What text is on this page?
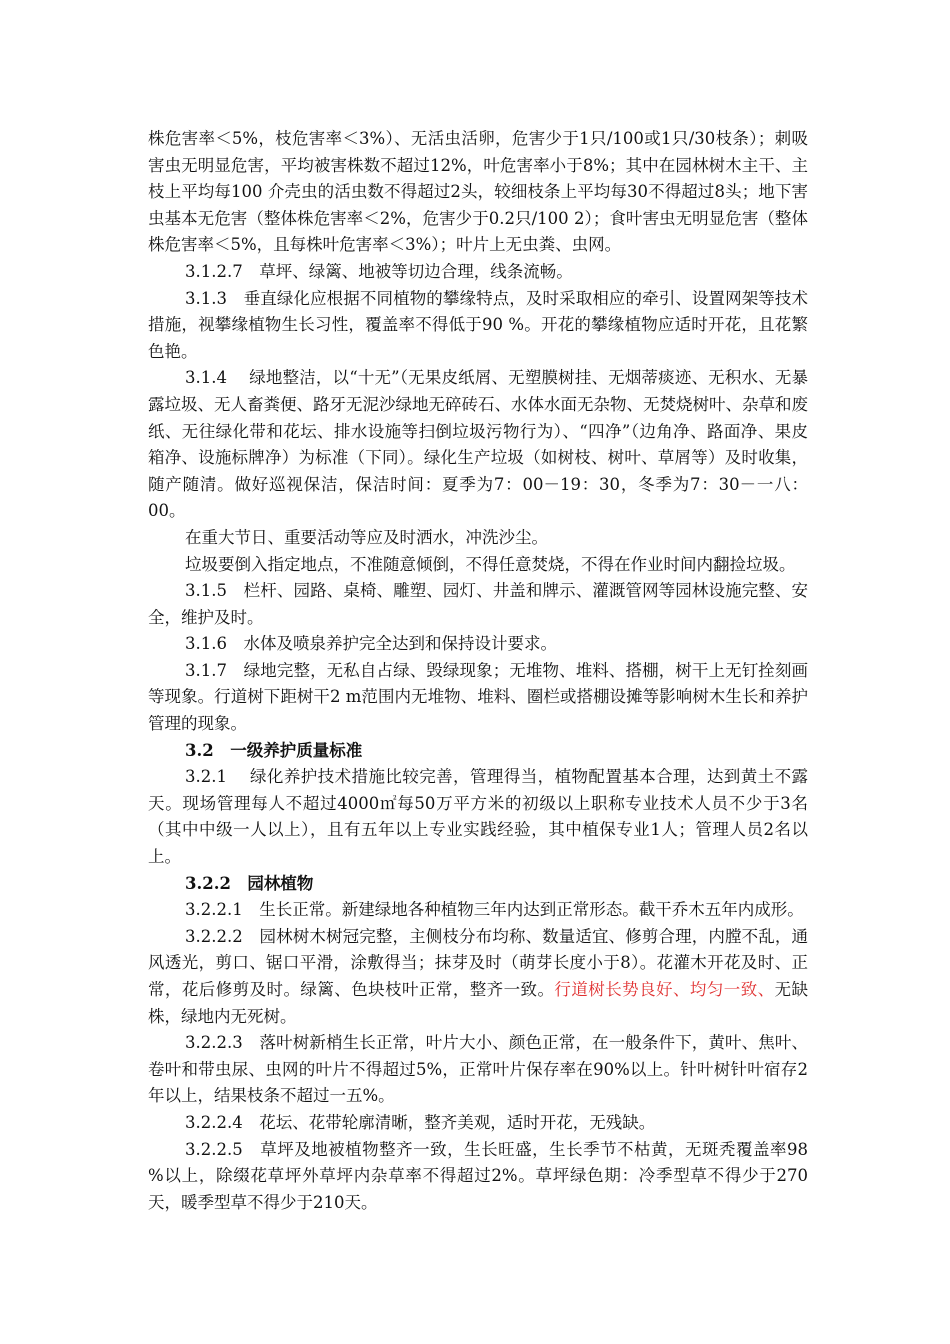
株危害率＜5%，枝危害率＜3%）、无活虫活卵，危害少于1只/100或1只/30枝条）；刺吸害虫无明显危害，平均被害株数不超过12%，叶危害率小于8%；其中在园林树木主干、主枝上平均每100 介壳虫的活虫数不得超过2头，较细枝条上平均每30不得超过8头；地下害虫基本无危害（整体株危害率＜2%，危害少于0.2只/100 2）；食叶害虫无明显危害（整体株危害率＜5%，且每株叶危害率＜3%）；叶片上无虫粪、虫网。

3.1.2.7　草坪、绿篱、地被等切边合理，线条流畅。

3.1.3　垂直绿化应根据不同植物的攀缘特点，及时采取相应的牵引、设置网架等技术措施，视攀缘植物生长习性，覆盖率不得低于90 %。开花的攀缘植物应适时开花，且花繁色艳。

3.1.4　 绿地整洁，以“十无”（无果皮纸屑、无塑膜树挂、无烟蒂痰迹、无积水、无暴露垃圾、无人畜粪便、路牙无泥沙绿地无碎砖石、水体水面无杂物、无焚烧树叶、杂草和废纸、无往绿化带和花坛、排水设施等扫倒垃圾污物行为）、“四净”（边角净、路面净、果皮箱净、设施标牌净）为标准（下同）。绿化生产垃圾（如树枝、树叶、草屑等）及时收集，随产随清。做好巡视保洁，保洁时间：夏季为7：00－19：30，冬季为7：30－一八：00。

在重大节日、重要活动等应及时洒水，冲洗沙尘。

垃圾要倒入指定地点，不准随意倾倒，不得任意焚烧，不得在作业时间内翻捡垃圾。

3.1.5　栏杆、园路、桌椅、雕塑、园灯、井盖和牌示、灌溉管网等园林设施完整、安全，维护及时。

3.1.6　水体及喷泉养护完全达到和保持设计要求。

3.1.7　绿地完整，无私自占绿、毁绿现象；无堆物、堆料、搭棚，树干上无钉拴刻画等现象。行道树下距树干2 m范围内无堆物、堆料、圈栏或搭棚设摊等影响树木生长和养护管理的现象。

3.2　一级养护质量标准

3.2.1　 绿化养护技术措施比较完善，管理得当，植物配置基本合理，达到黄土不露天。现场管理每人不超过4000㎡每50万平方米的初级以上职称专业技术人员不少于3名（其中中级一人以上），且有五年以上专业实践经验，其中植保专业1人；管理人员2名以上。

3.2.2　园林植物

3.2.2.1　生长正常。新建绿地各种植物三年内达到正常形态。截干乔木五年内成形。

3.2.2.2　园林树木树冠完整，主侧枝分布均称、数量适宜、修剪合理，内膛不乱，通风透光，剪口、锯口平滑，涂敷得当；抹芽及时（萌芽长度小于8）。花灌木开花及时、正常，花后修剪及时。绿篱、色块枝叶正常，整齐一致。行道树长势良好、均匀一致、无缺株，绿地内无死树。

3.2.2.3　落叶树新梢生长正常，叶片大小、颜色正常，在一般条件下，黄叶、焦叶、卷叶和带虫尿、虫网的叶片不得超过5%，正常叶片保存率在90%以上。针叶树针叶宿存2年以上，结果枝条不超过一五%。

3.2.2.4　花坛、花带轮廓清晰，整齐美观，适时开花，无残缺。

3.2.2.5　草坪及地被植物整齐一致，生长旺盛，生长季节不枯黄，无斑秃覆盖率98 %以上，除缀花草坪外草坪内杂草率不得超过2%。草坪绿色期：冷季型草不得少于270天，暖季型草不得少于210天。
